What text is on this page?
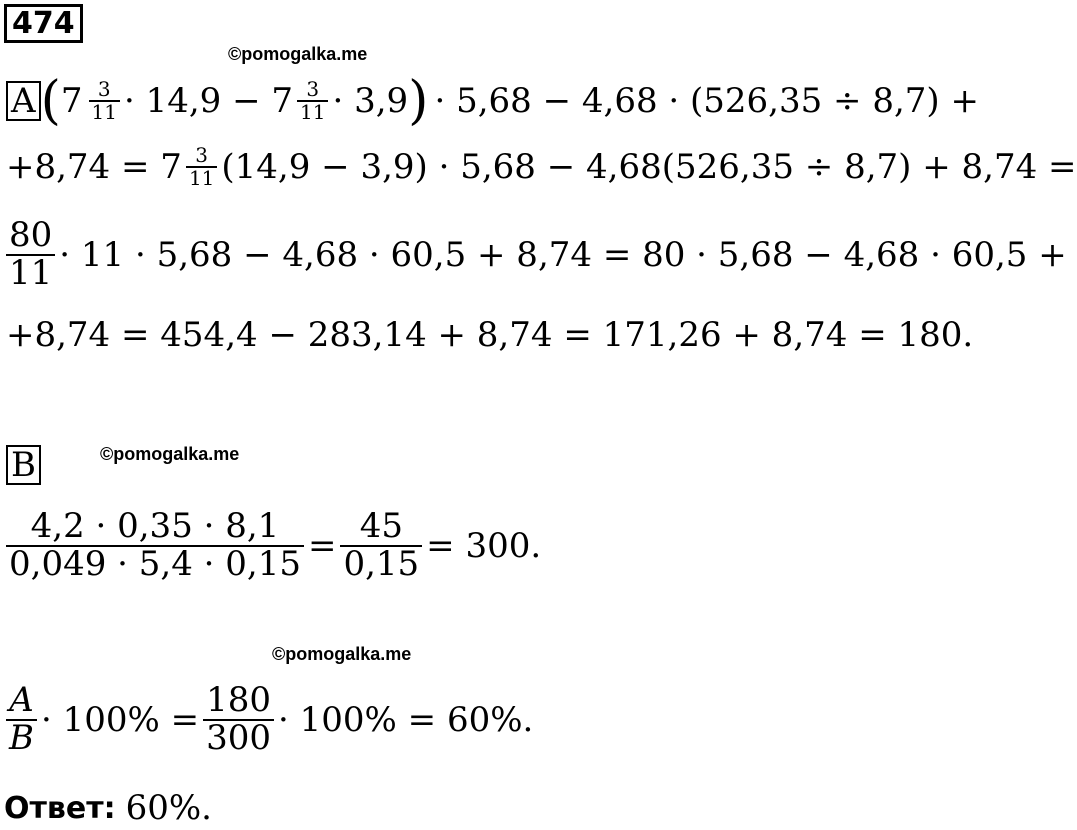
474
©pomogalka.me
A ( $7 \frac{3}{11} \cdot 14,9 - 7 \frac{3}{11} \cdot 3,9$ ) · 5,68 − 4,68 · (526,35 ÷ 8,7) +
$+8,74 = 7 \frac{3}{11} (14,9 - 3,9) \cdot 5,68 - 4,68(526,35 \div 8,7) + 8,74$ =
$\frac{80}{11} \cdot 11 \cdot 5,68 - 4,68 \cdot 60,5 + 8,74 = 80 \cdot 5,68 - 4,68 \cdot 60,5$ +
+8,74 = 454,4 − 283,14 + 8,74 = 171,26 + 8,74 = 180.
B	©pomogalka.me
$\frac{4,2 \cdot 0,35 \cdot 8,1}{0,049 \cdot 5,4 \cdot 0,15} = \frac{45}{0,15} = 300$.
©pomogalka.me
$\frac{A}{B} \cdot 100\% = \frac{180}{300} \cdot 100\% = 60\%$.
Ответ: 60%.
